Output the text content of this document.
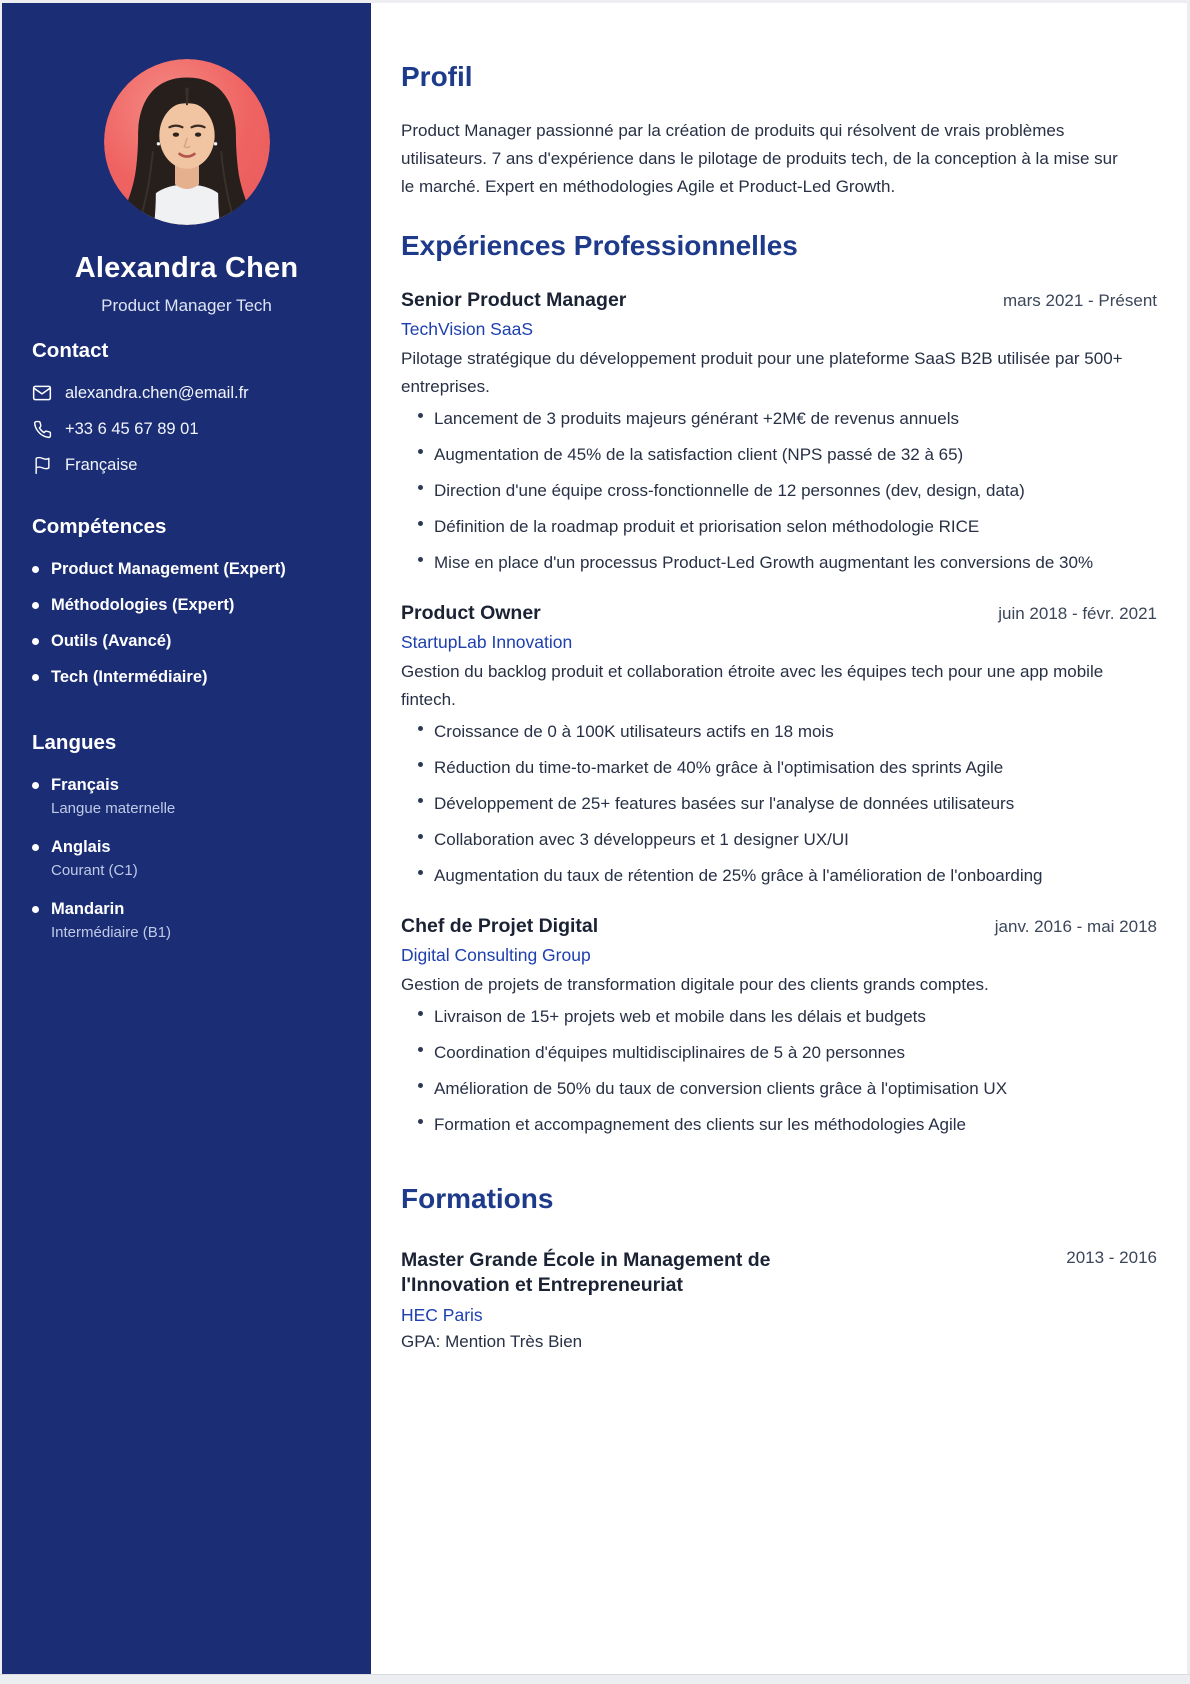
Alexandra Chen
Product Manager Tech
Contact
alexandra.chen@email.fr
+33 6 45 67 89 01
Française
Compétences
Product Management (Expert)
Méthodologies (Expert)
Outils (Avancé)
Tech (Intermédiaire)
Langues
Français
Langue maternelle
Anglais
Courant (C1)
Mandarin
Intermédiaire (B1)
Profil

Product Manager passionné par la création de produits qui résolvent de vrais problèmes utilisateurs. 7 ans d'expérience dans le pilotage de produits tech, de la conception à la mise sur le marché. Expert en méthodologies Agile et Product-Led Growth.

Expériences Professionnelles
Senior Product Manager	mars 2021 - Présent
TechVision SaaS

Pilotage stratégique du développement produit pour une plateforme SaaS B2B utilisée par 500+ entreprises.

Lancement de 3 produits majeurs générant +2M€ de revenus annuels
Augmentation de 45% de la satisfaction client (NPS passé de 32 à 65)
Direction d'une équipe cross-fonctionnelle de 12 personnes (dev, design, data)
Définition de la roadmap produit et priorisation selon méthodologie RICE
Mise en place d'un processus Product-Led Growth augmentant les conversions de 30%
Product Owner	juin 2018 - févr. 2021
StartupLab Innovation

Gestion du backlog produit et collaboration étroite avec les équipes tech pour une app mobile fintech.

Croissance de 0 à 100K utilisateurs actifs en 18 mois
Réduction du time-to-market de 40% grâce à l'optimisation des sprints Agile
Développement de 25+ features basées sur l'analyse de données utilisateurs
Collaboration avec 3 développeurs et 1 designer UX/UI
Augmentation du taux de rétention de 25% grâce à l'amélioration de l'onboarding
Chef de Projet Digital	janv. 2016 - mai 2018
Digital Consulting Group

Gestion de projets de transformation digitale pour des clients grands comptes.

Livraison de 15+ projets web et mobile dans les délais et budgets
Coordination d'équipes multidisciplinaires de 5 à 20 personnes
Amélioration de 50% du taux de conversion clients grâce à l'optimisation UX
Formation et accompagnement des clients sur les méthodologies Agile
Formations
Master Grande École in Management de l'Innovation et Entrepreneuriat
2013 - 2016
HEC Paris
GPA: Mention Très Bien
